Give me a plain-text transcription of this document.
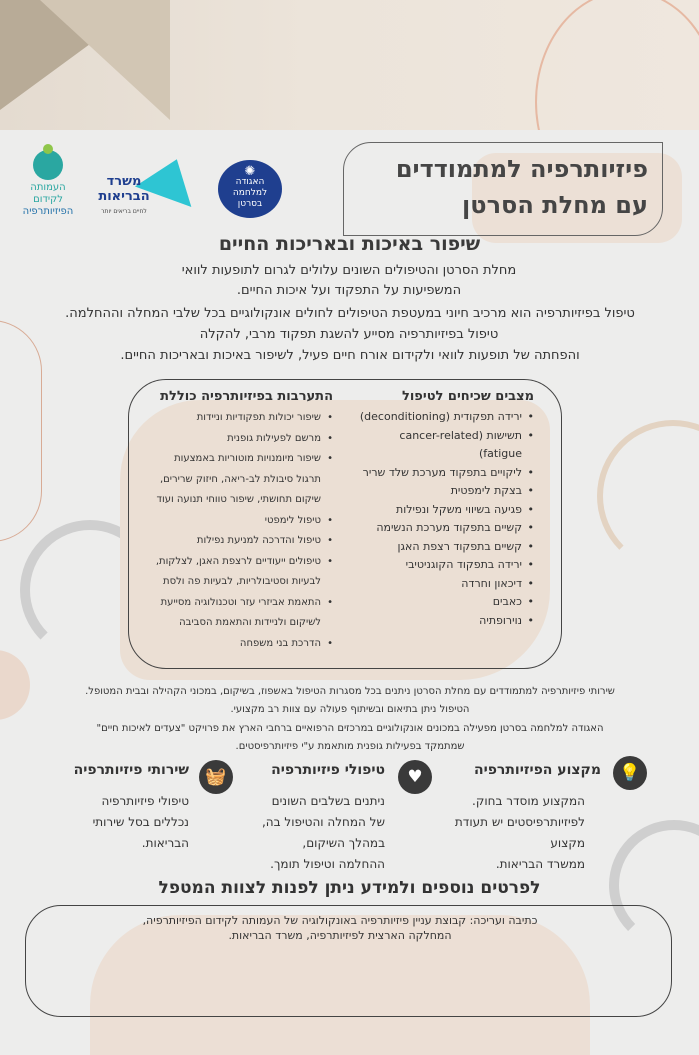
פיזיותרפיה למתמודדים
עם מחלת הסרטן
✺
האגודה
למלחמה
בסרטן
משרד
הבריאות
לחיים בריאים יותר
העמותה
לקידום
הפיזיותרפיה
שיפור באיכות ובאריכות החיים
מחלת הסרטן והטיפולים השונים עלולים לגרום לתופעות לוואי
המשפיעות על התפקוד ועל איכות החיים.
טיפול בפיזיותרפיה הוא מרכיב חיוני במעטפת הטיפולים לחולים אונקולוגיים בכל שלבי המחלה וההחלמה.
טיפול בפיזיותרפיה מסייע להשגת תפקוד מרבי, להקלה
והפחתה של תופעות לוואי ולקידום אורח חיים פעיל, לשיפור באיכות ובאריכות החיים.
מצבים שכיחים לטיפול
• ירידה תפקודית (deconditioning)
• תשישות (cancer-related
fatigue)
• ליקויים בתפקוד מערכת שלד שריר
• בצקת לימפטית
• פגיעה בשיווי משקל ונפילות
• קשיים בתפקוד מערכת הנשימה
• קשיים בתפקוד רצפת האגן
• ירידה בתפקוד הקוגניטיבי
• דיכאון וחרדה
• כאבים
• נוירופתיה
התערבות בפיזיותרפיה כוללת
• שיפור יכולות תפקודיות וניידות
• מרשם לפעילות גופנית
• שיפור מיומנויות מוטוריות באמצעות
תרגול סיבולת לב-ריאה, חיזוק שרירים,
שיקום תחושתי, שיפור טווחי תנועה ועוד
• טיפול לימפטי
• טיפול והדרכה למניעת נפילות
• טיפולים ייעודיים לרצפת האגן, לצלקות,
לבעיות וסטיבולריות, לבעיות פה ולסת
• התאמת אביזרי עזר וטכנולוגיה מסייעת
לשיקום ולניידות והתאמת הסביבה
• הדרכת בני משפחה
שירותי פיזיותרפיה למתמודדים עם מחלת הסרטן ניתנים בכל מסגרות הטיפול באשפוז, בשיקום, במכוני הקהילה ובבית המטופל.
הטיפול ניתן בתיאום ובשיתוף פעולה עם צוות רב מקצועי.
האגודה למלחמה בסרטן מפעילה במכונים אונקולוגיים במרכזים הרפואיים ברחבי הארץ את פרויקט "צעדים לאיכות חיים"
שמתמקד בפעילות גופנית מותאמת ע"י פיזיותרפיסטים.
💡
מקצוע הפיזיותרפיה
המקצוע מוסדר בחוק.
לפיזיותרפיסטים יש תעודת
מקצוע
ממשרד הבריאות.
♥
טיפולי פיזיותרפיה
ניתנים בשלבים השונים
של המחלה והטיפול בה,
במהלך השיקום,
ההחלמה וטיפול תומך.
🧺
שירותי פיזיותרפיה
טיפולי פיזיותרפיה
נכללים בסל שירותי
הבריאות.
לפרטים נוספים ולמידע ניתן לפנות לצוות המטפל
כתיבה ועריכה: קבוצת עניין פיזיותרפיה באונקולוגיה של העמותה לקידום הפיזיותרפיה,
המחלקה הארצית לפיזיותרפיה, משרד הבריאות.
